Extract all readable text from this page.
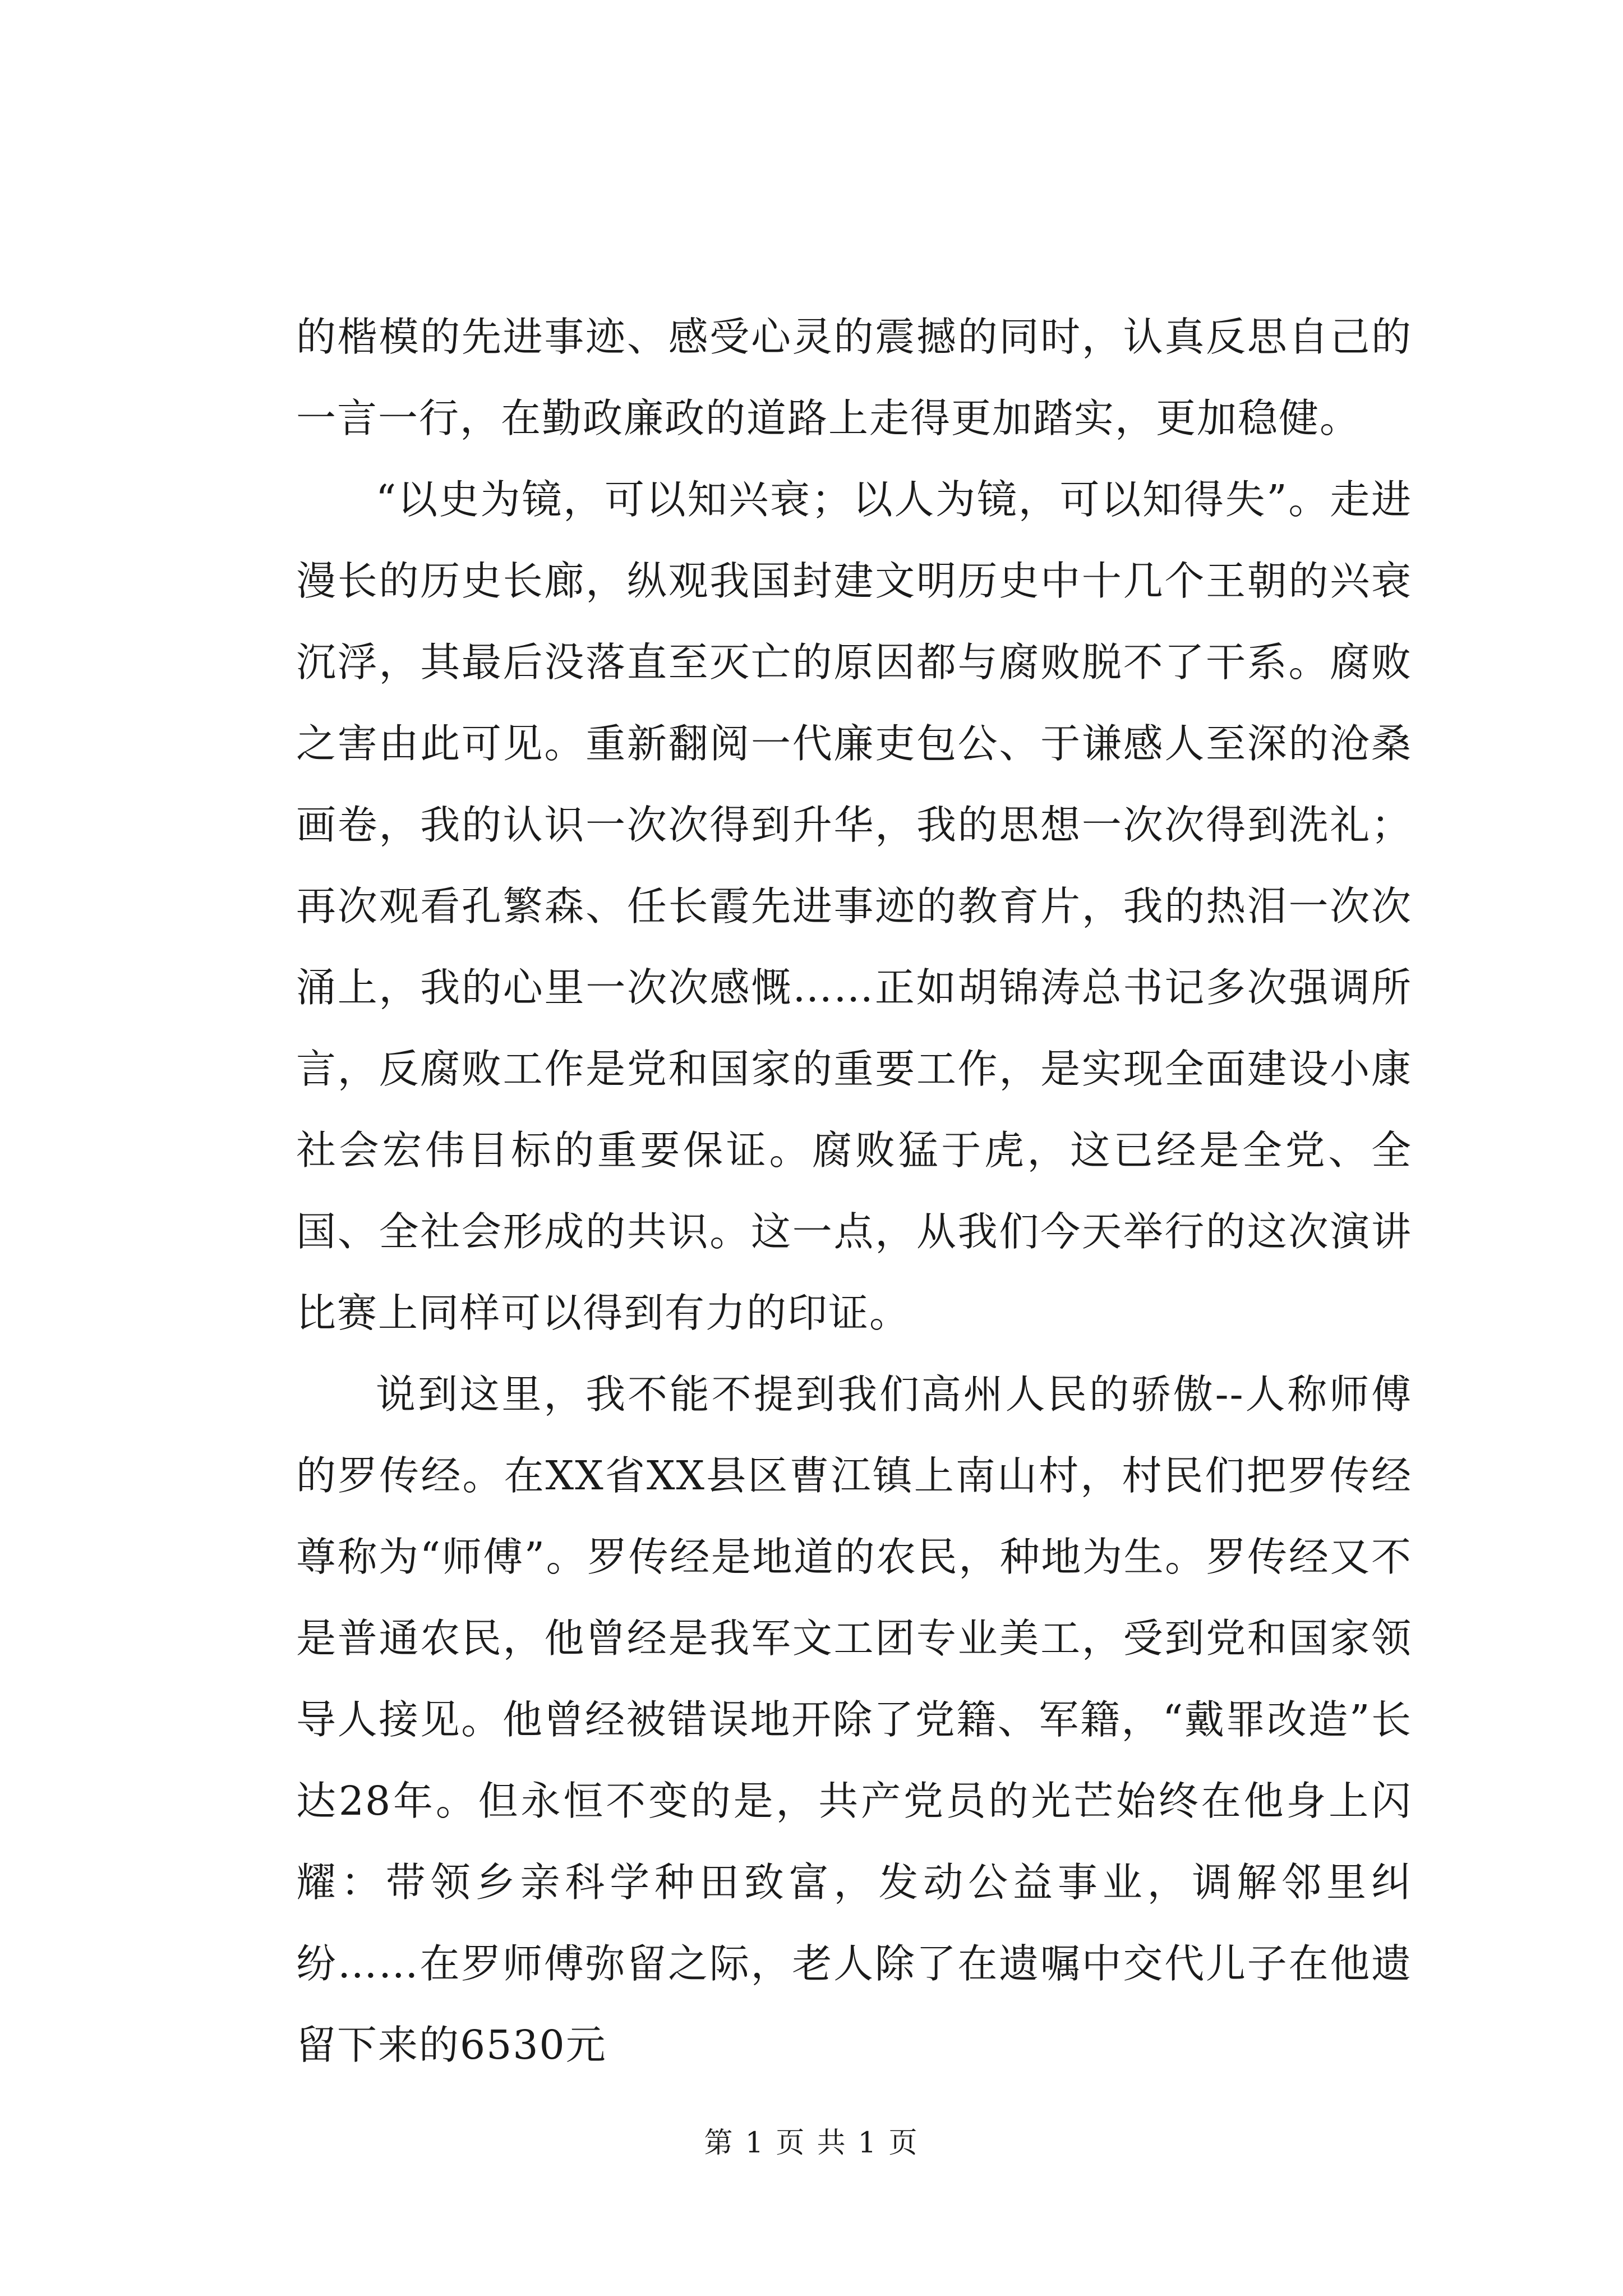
的楷模的先进事迹、感受心灵的震撼的同时，认真反思自己的一言一行，在勤政廉政的道路上走得更加踏实，更加稳健。

“以史为镜，可以知兴衰；以人为镜，可以知得失”。走进漫长的历史长廊，纵观我国封建文明历史中十几个王朝的兴衰沉浮，其最后没落直至灭亡的原因都与腐败脱不了干系。腐败之害由此可见。重新翻阅一代廉吏包公、于谦感人至深的沧桑画卷，我的认识一次次得到升华，我的思想一次次得到洗礼；再次观看孔繁森、任长霞先进事迹的教育片，我的热泪一次次涌上，我的心里一次次感慨……正如胡锦涛总书记多次强调所言，反腐败工作是党和国家的重要工作，是实现全面建设小康社会宏伟目标的重要保证。腐败猛于虎，这已经是全党、全国、全社会形成的共识。这一点，从我们今天举行的这次演讲比赛上同样可以得到有力的印证。

说到这里，我不能不提到我们高州人民的骄傲--人称师傅的罗传经。在XX省XX县区曹江镇上南山村，村民们把罗传经尊称为“师傅”。罗传经是地道的农民，种地为生。罗传经又不是普通农民，他曾经是我军文工团专业美工，受到党和国家领导人接见。他曾经被错误地开除了党籍、军籍，“戴罪改造”长达28年。但永恒不变的是，共产党员的光芒始终在他身上闪耀：带领乡亲科学种田致富，发动公益事业，调解邻里纠纷……在罗师傅弥留之际，老人除了在遗嘱中交代儿子在他遗留下来的6530元

第 1 页 共 1 页
